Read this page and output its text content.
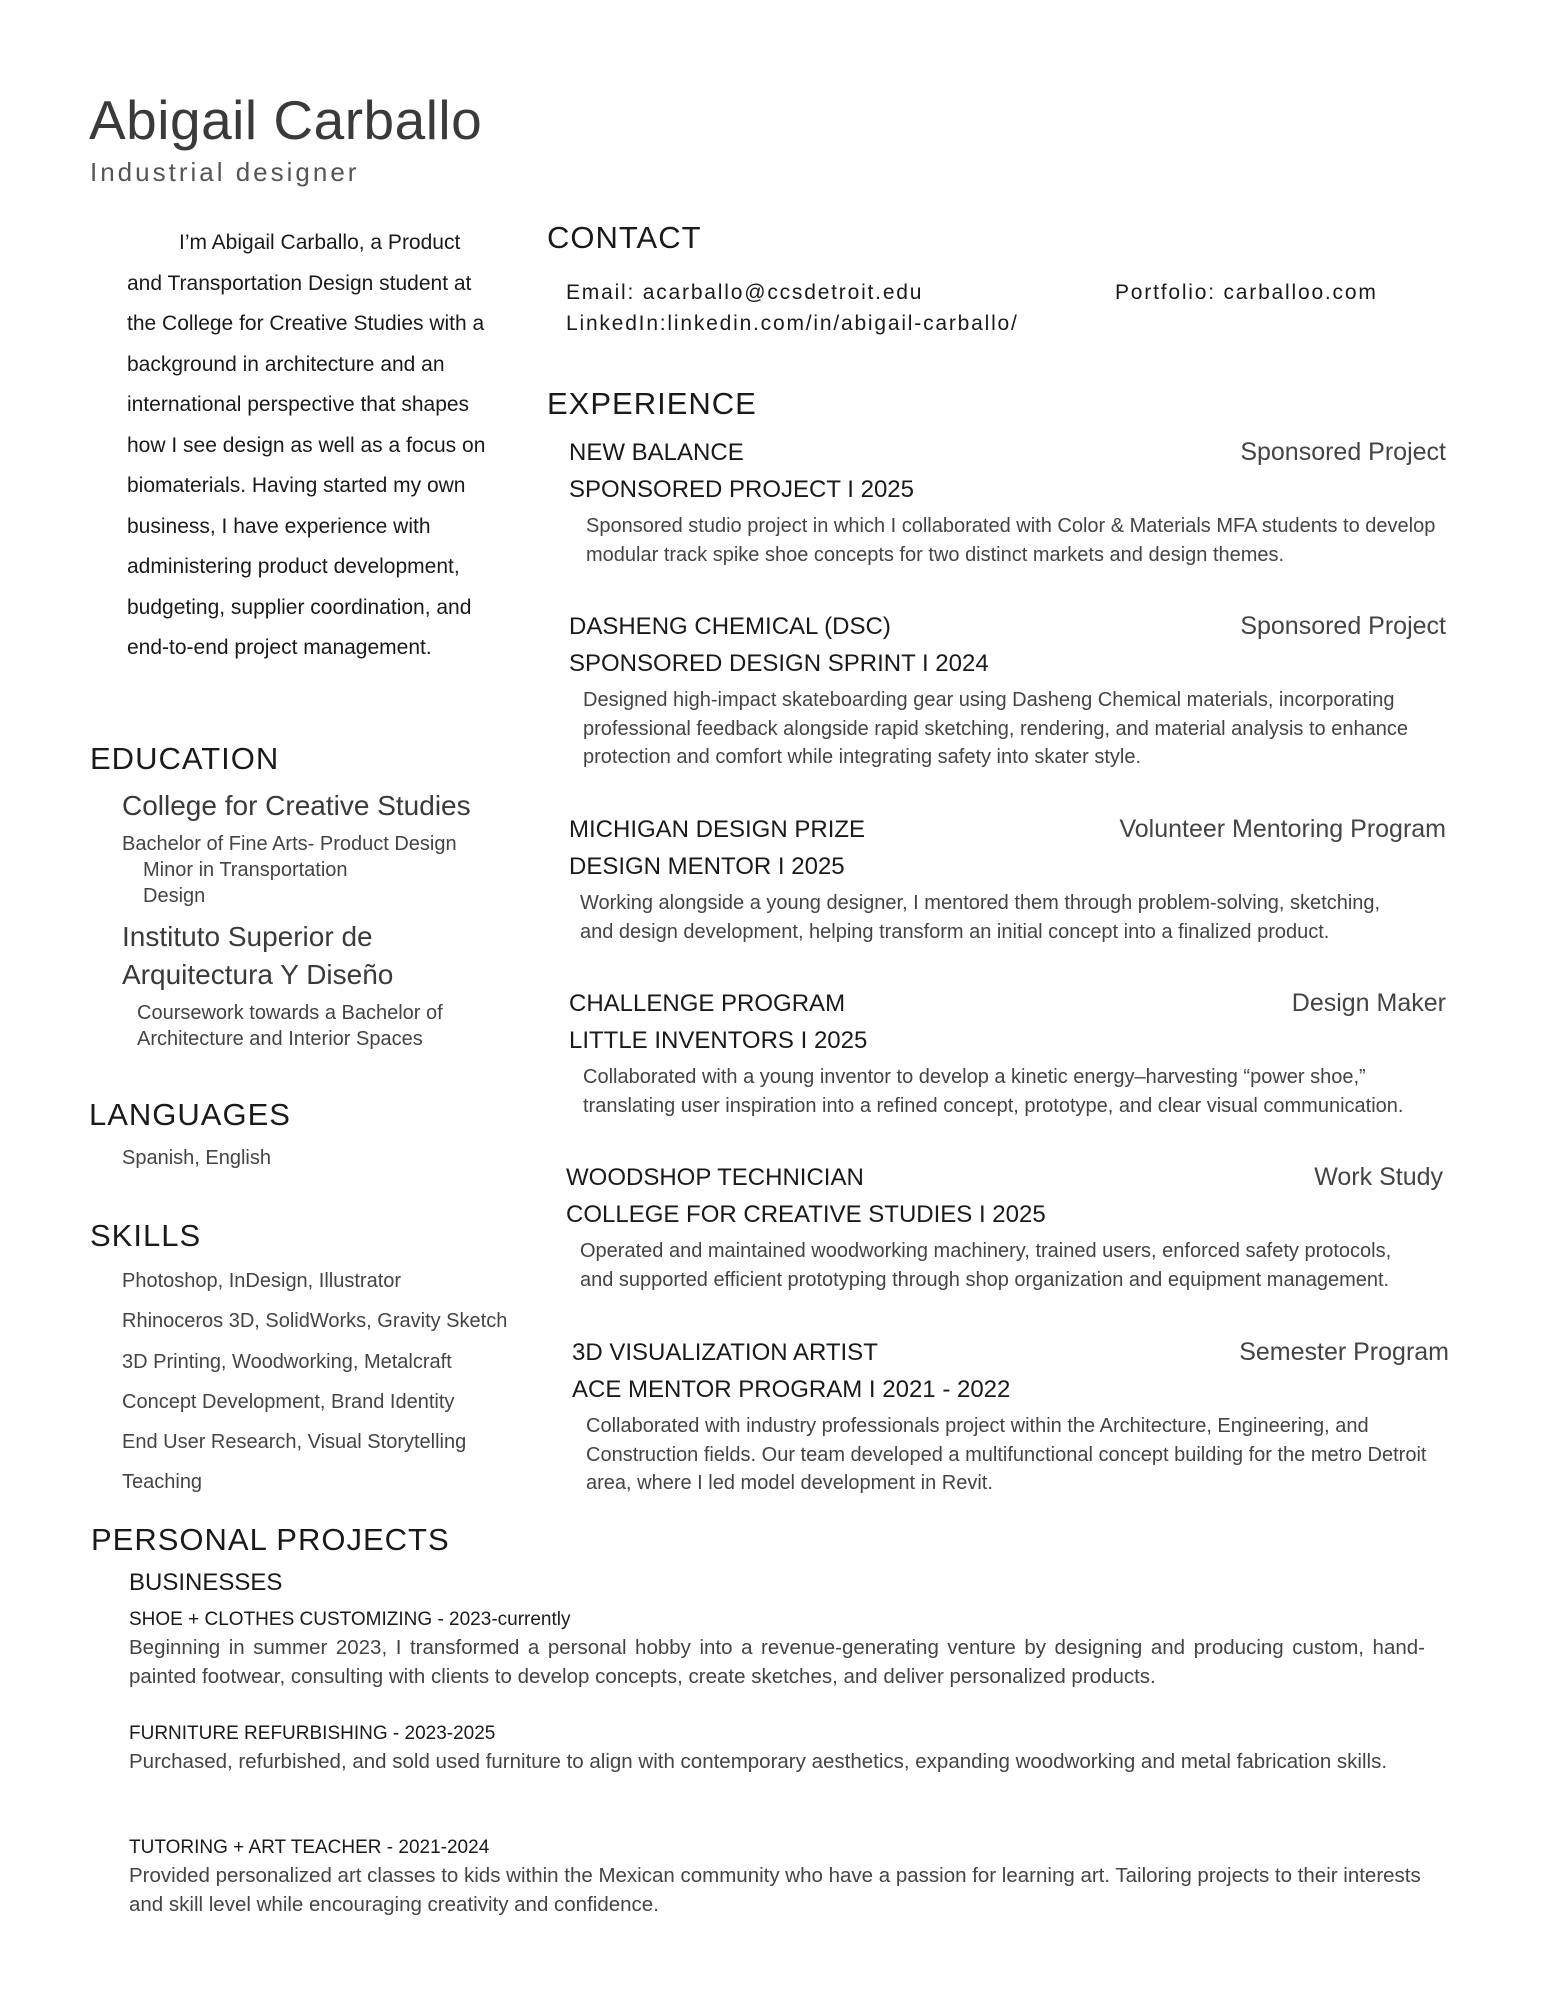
Abigail Carballo
Industrial designer

I’m Abigail Carballo, a Product and Transportation Design student at the College for Creative Studies with a background in architecture and an international perspective that shapes how I see design as well as a focus on biomaterials. Having started my own business, I have experience with administering product development, budgeting, supplier coordination, and end-to-end project management.

EDUCATION
College for Creative Studies
Bachelor of Fine Arts- Product Design
Minor in Transportation
Design
Instituto Superior de
Arquitectura Y Diseño
Coursework towards a Bachelor of
Architecture and Interior Spaces
LANGUAGES
Spanish, English
SKILLS
Photoshop, InDesign, Illustrator
Rhinoceros 3D, SolidWorks, Gravity Sketch
3D Printing, Woodworking, Metalcraft
Concept Development, Brand Identity
End User Research, Visual Storytelling
Teaching
CONTACT
Email: acarballo@ccsdetroit.edu	Portfolio: carballoo.com
LinkedIn:linkedin.com/in/abigail-carballo/
EXPERIENCE
NEW BALANCE	Sponsored Project
SPONSORED PROJECT I 2025
Sponsored studio project in which I collaborated with Color & Materials MFA students to develop modular track spike shoe concepts for two distinct markets and design themes.
DASHENG CHEMICAL (DSC)	Sponsored Project
SPONSORED DESIGN SPRINT I 2024
Designed high-impact skateboarding gear using Dasheng Chemical materials, incorporating professional feedback alongside rapid sketching, rendering, and material analysis to enhance protection and comfort while integrating safety into skater style.
MICHIGAN DESIGN PRIZE	Volunteer Mentoring Program
DESIGN MENTOR I 2025
Working alongside a young designer, I mentored them through problem-solving, sketching, and design development, helping transform an initial concept into a finalized product.
CHALLENGE PROGRAM	Design Maker
LITTLE INVENTORS I 2025
Collaborated with a young inventor to develop a kinetic energy–harvesting “power shoe,” translating user inspiration into a refined concept, prototype, and clear visual communication.
WOODSHOP TECHNICIAN	Work Study
COLLEGE FOR CREATIVE STUDIES I 2025
Operated and maintained woodworking machinery, trained users, enforced safety protocols, and supported efficient prototyping through shop organization and equipment management.
3D VISUALIZATION ARTIST	Semester Program
ACE MENTOR PROGRAM I 2021 - 2022
Collaborated with industry professionals project within the Architecture, Engineering, and Construction fields. Our team developed a multifunctional concept building for the metro Detroit area, where I led model development in Revit.
PERSONAL PROJECTS
BUSINESSES
SHOE + CLOTHES CUSTOMIZING - 2023-currently
Beginning in summer 2023, I transformed a personal hobby into a revenue-generating venture by designing and producing custom, hand-painted footwear, consulting with clients to develop concepts, create sketches, and deliver personalized products.
FURNITURE REFURBISHING - 2023-2025
Purchased, refurbished, and sold used furniture to align with contemporary aesthetics, expanding woodworking and metal fabrication skills.
TUTORING + ART TEACHER - 2021-2024
Provided personalized art classes to kids within the Mexican community who have a passion for learning art. Tailoring projects to their interests and skill level while encouraging creativity and confidence.
